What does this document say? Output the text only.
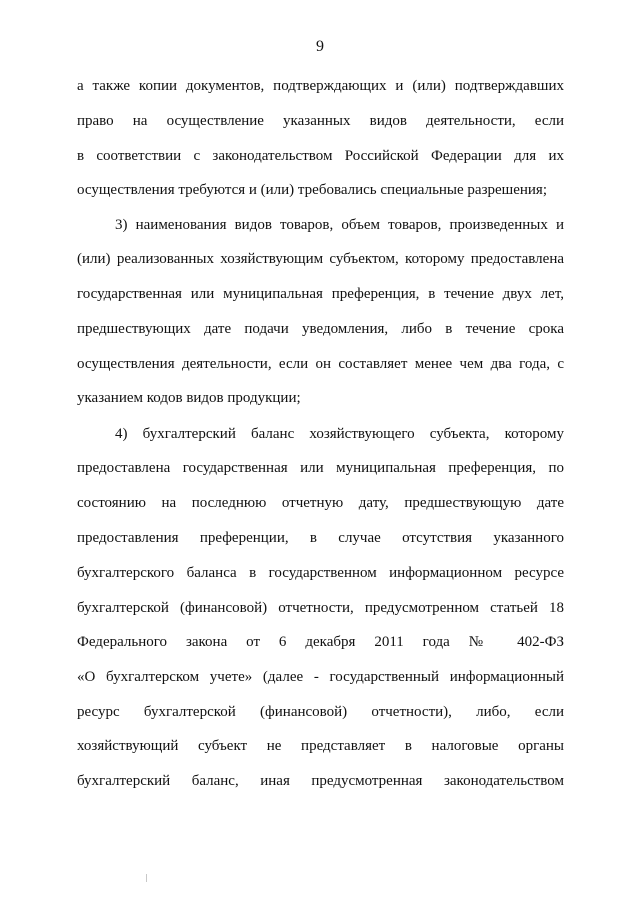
9
а также копии документов, подтверждающих и (или) подтверждавших
право на осуществление указанных видов деятельности, если
в соответствии с законодательством Российской Федерации для их
осуществления требуются и (или) требовались специальные разрешения;
3) наименования видов товаров, объем товаров, произведенных и
(или) реализованных хозяйствующим субъектом, которому предоставлена
государственная или муниципальная преференция, в течение двух лет,
предшествующих дате подачи уведомления, либо в течение срока
осуществления деятельности, если он составляет менее чем два года, с
указанием кодов видов продукции;
4) бухгалтерский баланс хозяйствующего субъекта, которому
предоставлена государственная или муниципальная преференция, по
состоянию на последнюю отчетную дату, предшествующую дате
предоставления преференции, в случае отсутствия указанного
бухгалтерского баланса в государственном информационном ресурсе
бухгалтерской (финансовой) отчетности, предусмотренном статьей 18
Федерального закона от 6 декабря 2011 года № 402-ФЗ
«О бухгалтерском учете» (далее - государственный информационный
ресурс бухгалтерской (финансовой) отчетности), либо, если
хозяйствующий субъект не представляет в налоговые органы
бухгалтерский баланс, иная предусмотренная законодательством
